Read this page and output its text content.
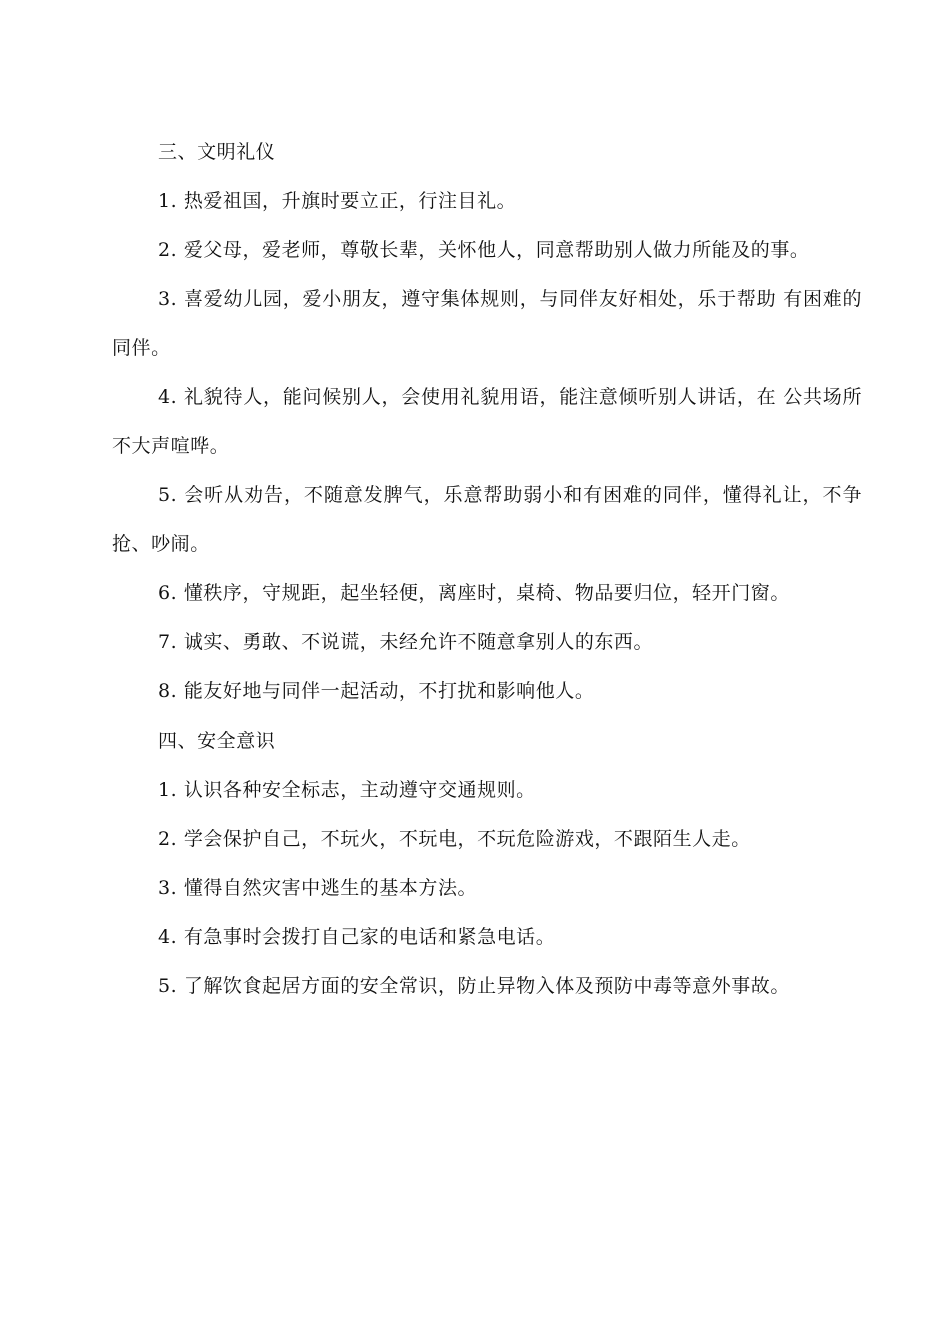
三、文明礼仪

1. 热爱祖国，升旗时要立正，行注目礼。

2. 爱父母，爱老师，尊敬长辈，关怀他人，同意帮助别人做力所能及的事。

3. 喜爱幼儿园，爱小朋友，遵守集体规则，与同伴友好相处，乐于帮助 有困难的同伴。

4. 礼貌待人，能问候别人，会使用礼貌用语，能注意倾听别人讲话，在 公共场所不大声喧哗。

5. 会听从劝告，不随意发脾气，乐意帮助弱小和有困难的同伴，懂得礼让，不争抢、吵闹。

6. 懂秩序，守规距，起坐轻便，离座时，桌椅、物品要归位，轻开门窗。

7. 诚实、勇敢、不说谎，未经允许不随意拿别人的东西。

8. 能友好地与同伴一起活动，不打扰和影响他人。

四、安全意识

1. 认识各种安全标志，主动遵守交通规则。

2. 学会保护自己，不玩火，不玩电，不玩危险游戏，不跟陌生人走。

3. 懂得自然灾害中逃生的基本方法。

4. 有急事时会拨打自己家的电话和紧急电话。

5. 了解饮食起居方面的安全常识，防止异物入体及预防中毒等意外事故。
